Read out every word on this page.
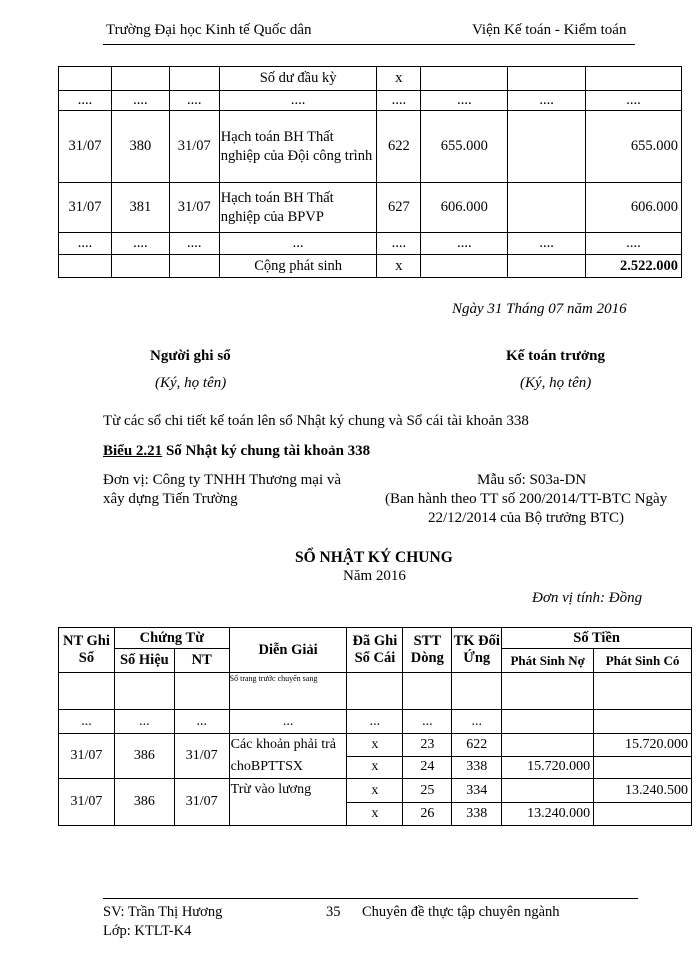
Trường Đại học Kinh tế Quốc dân	Viện Kế toán - Kiểm toán
			Số dư đầu kỳ	x			
....	....	....	....	....	....	....	....
31/07	380	31/07	Hạch toán BH Thất nghiệp của Đội công trình	622	655.000		655.000
31/07	381	31/07	Hạch toán BH Thất nghiệp của BPVP	627	606.000		606.000
....	....	....	...	....	....	....	....
			Cộng phát sinh	x			2.522.000
Ngày 31 Tháng 07 năm 2016
Người ghi sổ
(Ký, họ tên)
Kế toán trưởng
(Ký, họ tên)
Từ các sổ chi tiết kế toán lên sổ Nhật ký chung và Sổ cái tài khoản 338
Biểu 2.21 Sổ Nhật ký chung tài khoản 338
Đơn vị: Công ty TNHH Thương mại và
xây dựng Tiến Trường
Mẫu số: S03a-DN
(Ban hành theo TT số 200/2014/TT-BTC Ngày
22/12/2014 của Bộ trưởng BTC)
SỔ NHẬT KÝ CHUNG
Năm 2016
Đơn vị tính: Đồng
NT Ghi Sổ	Chứng Từ		Diễn Giải	Đã Ghi Sổ Cái	STT Dòng	TK Đối Ứng	Số Tiền	
	Số Hiệu	NT					Phát Sinh Nợ	Phát Sinh Có
			Số trang trước chuyển sang					
...	...	...	...	...	...	...		
31/07	386	31/07	Các khoản phải trả choBPTTSX	x	23	622		15.720.000
				x	24	338	15.720.000	
31/07	386	31/07	Trừ vào lương	x	25	334		13.240.500
				x	26	338	13.240.000	
SV: Trần Thị Hương	35 Chuyên đề thực tập chuyên ngành
Lớp: KTLT-K4
